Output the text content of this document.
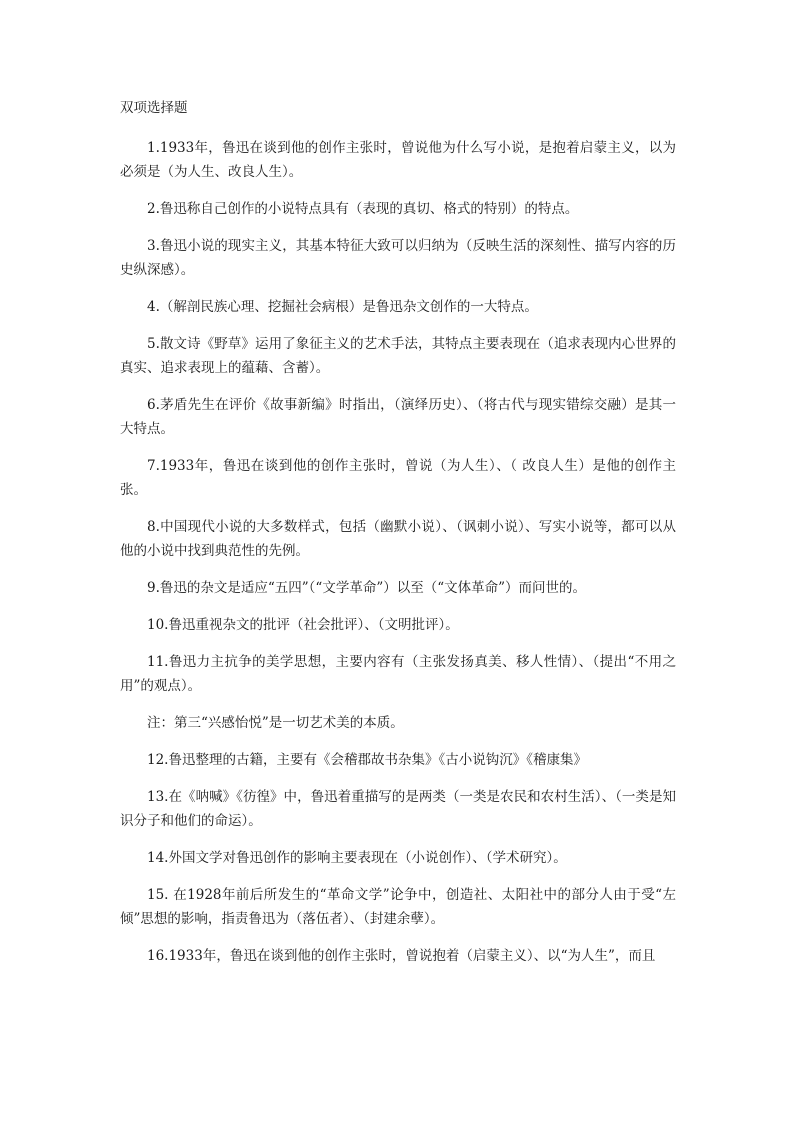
双项选择题

1.1933年，鲁迅在谈到他的创作主张时，曾说他为什么写小说，是抱着启蒙主义，以为必须是（为人生、改良人生）。

2.鲁迅称自己创作的小说特点具有（表现的真切、格式的特别）的特点。

3.鲁迅小说的现实主义，其基本特征大致可以归纳为（反映生活的深刻性、描写内容的历史纵深感）。

4.（解剖民族心理、挖掘社会病根）是鲁迅杂文创作的一大特点。

5.散文诗《野草》运用了象征主义的艺术手法，其特点主要表现在（追求表现内心世界的真实、追求表现上的蕴藉、含蓄）。

6.茅盾先生在评价《故事新编》时指出，（演绎历史）、（将古代与现实错综交融）是其一大特点。

7.1933年，鲁迅在谈到他的创作主张时，曾说（为人生）、（ 改良人生）是他的创作主张。

8.中国现代小说的大多数样式，包括（幽默小说）、（讽刺小说）、写实小说等，都可以从他的小说中找到典范性的先例。

9.鲁迅的杂文是适应“五四”（“文学革命”）以至（“文体革命”）而问世的。

10.鲁迅重视杂文的批评（社会批评）、（文明批评）。

11.鲁迅力主抗争的美学思想，主要内容有（主张发扬真美、移人性情）、（提出“不用之用”的观点）。

注：第三“兴感怡悦”是一切艺术美的本质。

12.鲁迅整理的古籍，主要有《会稽郡故书杂集》《古小说钩沉》《稽康集》

13.在《呐喊》《彷徨》中，鲁迅着重描写的是两类（一类是农民和农村生活）、（一类是知识分子和他们的命运）。

14.外国文学对鲁迅创作的影响主要表现在（小说创作）、（学术研究）。

15. 在1928年前后所发生的“革命文学”论争中，创造社、太阳社中的部分人由于受“左倾”思想的影响，指责鲁迅为（落伍者）、（封建余孽）。

16.1933年，鲁迅在谈到他的创作主张时，曾说抱着（启蒙主义）、以“为人生”，而且
